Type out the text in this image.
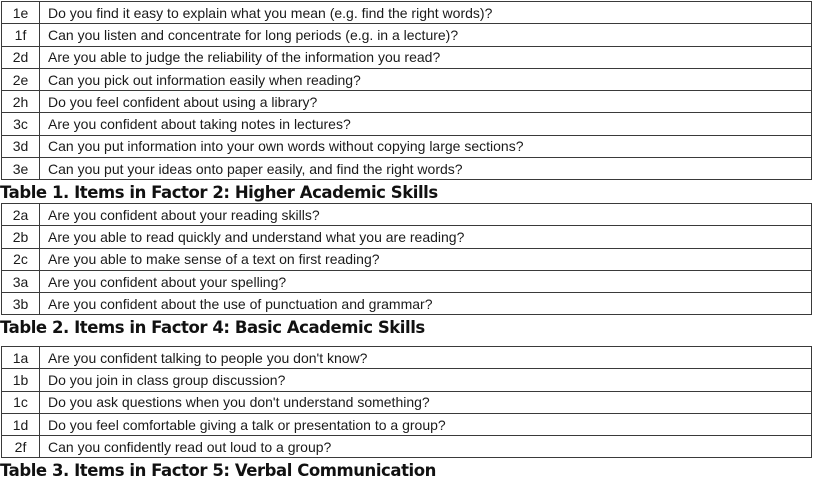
1e	Do you find it easy to explain what you mean (e.g. find the right words)?
1f	Can you listen and concentrate for long periods (e.g. in a lecture)?
2d	Are you able to judge the reliability of the information you read?
2e	Can you pick out information easily when reading?
2h	Do you feel confident about using a library?
3c	Are you confident about taking notes in lectures?
3d	Can you put information into your own words without copying large sections?
3e	Can you put your ideas onto paper easily, and find the right words?
Table 1. Items in Factor 2: Higher Academic Skills
2a	Are you confident about your reading skills?
2b	Are you able to read quickly and understand what you are reading?
2c	Are you able to make sense of a text on first reading?
3a	Are you confident about your spelling?
3b	Are you confident about the use of punctuation and grammar?
Table 2. Items in Factor 4: Basic Academic Skills
1a	Are you confident talking to people you don't know?
1b	Do you join in class group discussion?
1c	Do you ask questions when you don't understand something?
1d	Do you feel comfortable giving a talk or presentation to a group?
2f	Can you confidently read out loud to a group?
Table 3. Items in Factor 5: Verbal Communication
